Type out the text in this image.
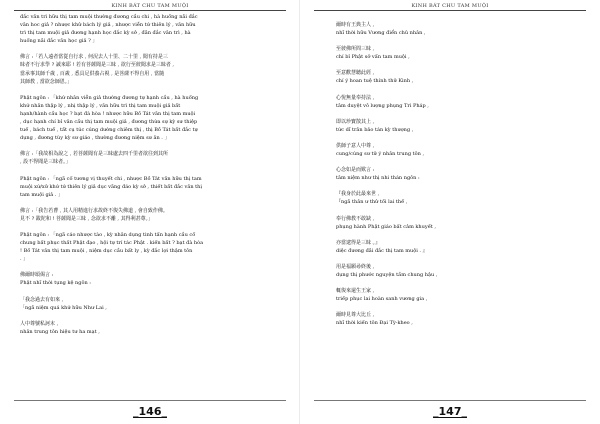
KINH BÁT CHU TAM MUỘI
đắc văn trì hữu thị tam muội thường đương cầu chi , hà huống nãi đắc
văn hoc giả ? nhược khử bách lý giả , nhược viễn tứ thiên lý , văn hữu
trì thị tam muội giả đương hạnh học đắc kỳ sở , đãn đắc văn trì , hà
huống nãi đắc văn học giả ? 」
佛言 :「若人遠者當從自行求 , 何況去人十里、二十里 , 聞有持是三
昧者不行求學 ? 誠來耶 ! 若有菩薩聞是三昧 , 欲行至彼聞求是三昧者 ,
當承事其師千歲 , 百歲 , 悉具足供養占視 , 是菩薩不得自用 , 當隨
其師教 , 當欲念師恩。」
Phật ngôn : 「khứ nhân viễn giả thường đương tự hạnh cầu , hà huống
khứ nhân thập lý , nhị thập lý , văn hữu trì thị tam muội giả bất
hạnh/hành cầu học ? bạt đà hòa ! nhược hữu Bồ Tát văn thị tam muội
, dục hạnh chí bỉ văn cầu thị tam muội giả , đương thừa sự kỳ sư thiệp
tuế , bách tuế , tất cụ túc cúng dường chiêm thị , thị Bồ Tát bất đắc tự
dụng , đương tùy kỳ sư giáo , thường đương niệm sư ân . 」
佛言 :「我故相為說之 , 若菩薩聞有是三昧處去四千里者欲往到其所
, 設不得聞是三昧者。」
Phật ngôn : 「ngã cố tương vị thuyết chi , nhược Bồ Tát văn hữu thị tam
muội xứ/xử khứ tứ thiên lý giả dục vãng đáo kỳ sở , thiết bất đắc văn thị
tam muội giả . 」
佛言 :「我告若曹 , 其人用精進行求故終不復失佛道 , 會自致作佛。
見不 ? 跋陀和 ! 菩薩聞是三昧 , 念欲求不離 , 其得利甚尊。」
Phật ngôn : 「ngã cáo nhược tào , kỳ nhân dụng tinh tấn hạnh cầu cố
chung bất phục thất Phật đạo , hội tự trí tác Phật . kiến bất ? bạt đà hòa
! Bồ Tát văn thị tam muội , niệm dục cầu bất ly , kỳ đắc lợi thậm tôn
. 」
佛爾時頌偈言 :
Phật nhĩ thời tụng kệ ngôn :
「我念過去有如來 ,
「ngã niệm quá khứ hữu Như Lai ,
人中尊號私訶末 ,
nhân trung tôn hiệu tư ha mạt ,
_146_
KINH BÁT CHU TAM MUỘI
爾時有王典主人 ,
nhĩ thời hữu Vương điển chủ nhân ,
至彼佛所問三昧 ,
chí bỉ Phật sở vấn tam muội ,
至意歡慧聽此經 ,
chí ý hoan tuệ thính thử Kinh ,
心悅無量奉持法 ,
tâm duyệt vô lượng phụng Trì Pháp ,
即以珍寶散其上 ,
tức dĩ trân bảo tán kỳ thượng ,
供師子意人中尊 ,
cung/cúng sư tử ý nhân trung tôn ,
心念如是而歎言 :
tâm niệm như thị nhi thán ngôn :
『我身於此最來世 ,
『ngã thân ư thử tối lai thế ,
奉行佛教不敢缺 ,
phụng hành Phật giáo bất cảm khuyết ,
亦當逮得是三昧 。』
diệc đương đãi đắc thị tam muội . 』
用是福願尋終後 ,
dụng thị phước nguyện tầm chung hậu ,
輒復來還生王家 ,
triếp phục lai hoàn sanh vương gia ,
爾時見尊大比丘 ,
nhĩ thời kiến tôn Đại Tỳ-kheo ,
_147_
